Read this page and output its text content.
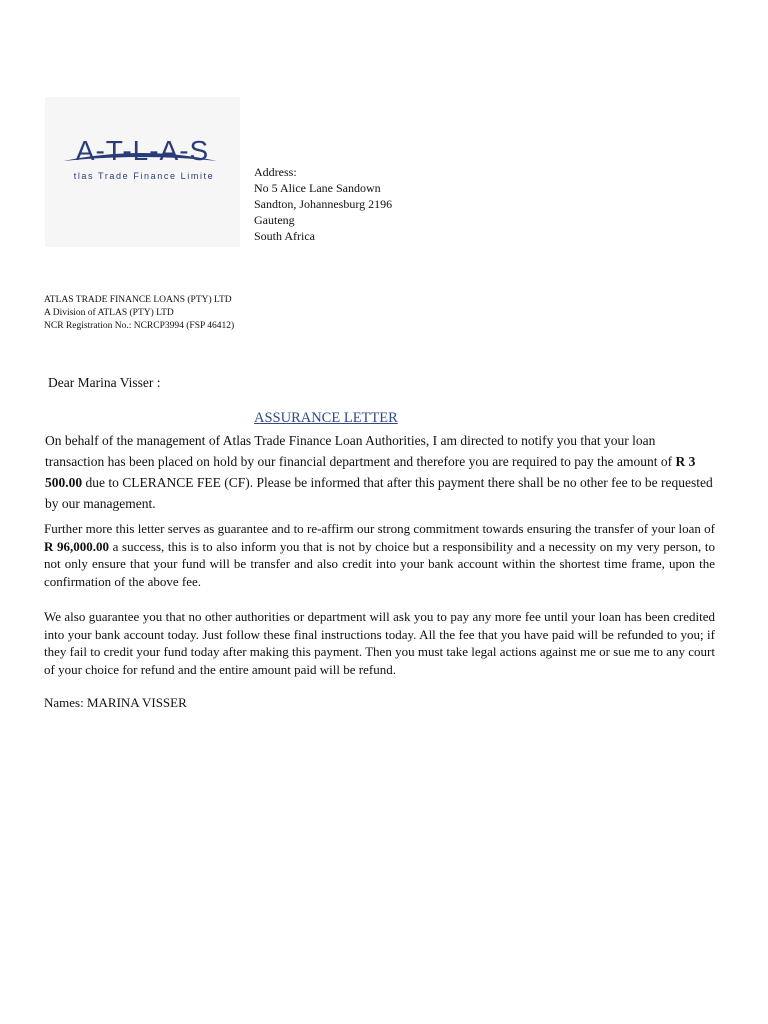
A-T-L-A-S
tlas Trade Finance Limite	Address:
No 5 Alice Lane Sandown
Sandton, Johannesburg 2196
Gauteng
South Africa
ATLAS TRADE FINANCE LOANS (PTY) LTD
A Division of ATLAS (PTY) LTD
NCR Registration No.: NCRCP3994 (FSP 46412)
Dear Marina Visser :
ASSURANCE LETTER
On behalf of the management of Atlas Trade Finance Loan Authorities, I am directed to notify you that your loan transaction has been placed on hold by our financial department and therefore you are required to pay the amount of R 3 500.00 due to CLERANCE FEE (CF). Please be informed that after this payment there shall be no other fee to be requested by our management.
Further more this letter serves as guarantee and to re-affirm our strong commitment towards ensuring the transfer of your loan of R 96,000.00 a success, this is to also inform you that is not by choice but a responsibility and a necessity on my very person, to not only ensure that your fund will be transfer and also credit into your bank account within the shortest time frame, upon the confirmation of the above fee.
We also guarantee you that no other authorities or department will ask you to pay any more fee until your loan has been credited into your bank account today. Just follow these final instructions today. All the fee that you have paid will be refunded to you; if they fail to credit your fund today after making this payment. Then you must take legal actions against me or sue me to any court of your choice for refund and the entire amount paid will be refund.
Names: MARINA VISSER
